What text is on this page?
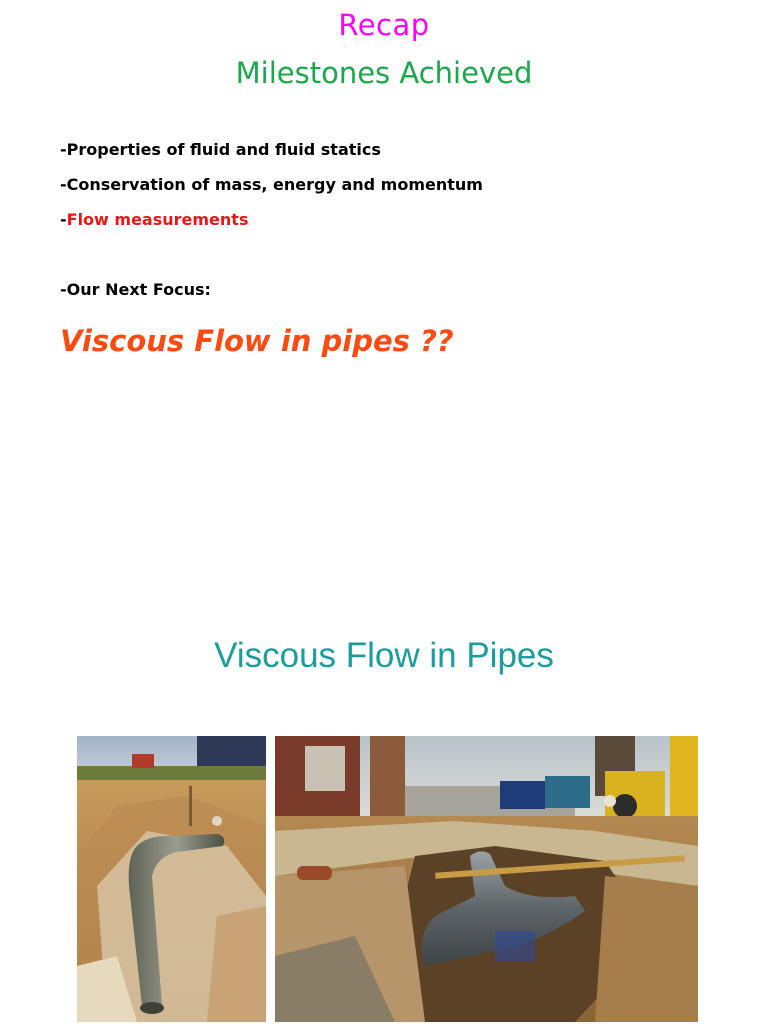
Recap
Milestones Achieved
-Properties of fluid and fluid statics
-Conservation of mass, energy and momentum
-Flow measurements
-Our Next Focus:
Viscous Flow in pipes ??
Viscous Flow in Pipes
